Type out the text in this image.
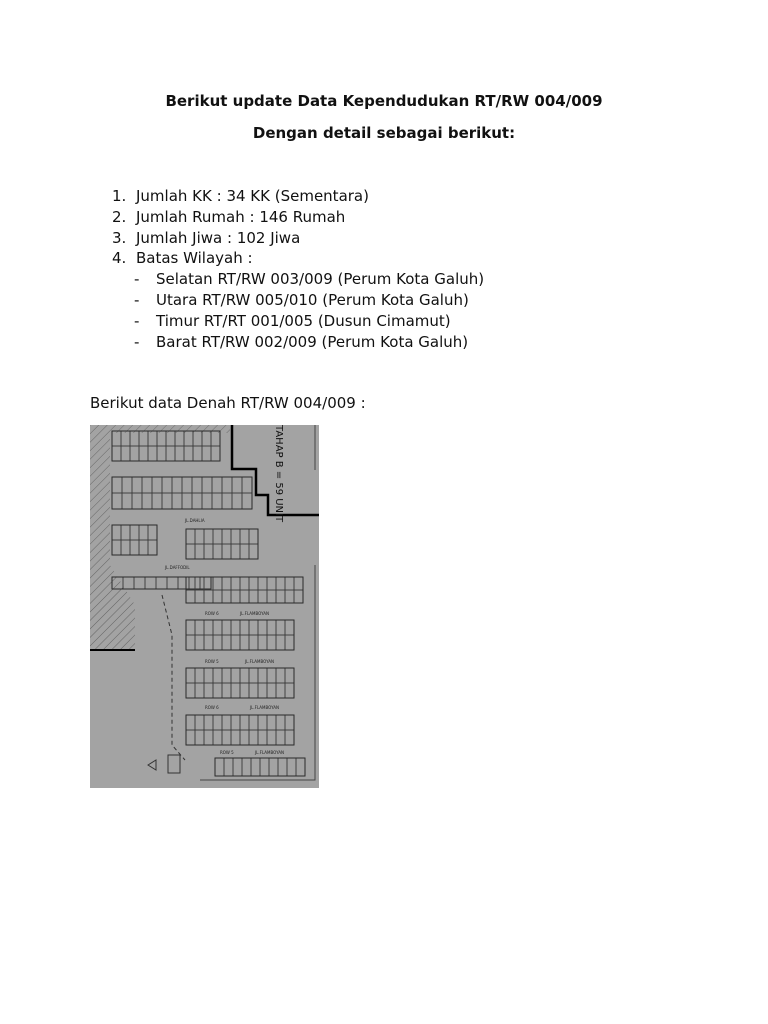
Berikut update Data Kependudukan RT/RW 004/009

Dengan detail sebagai berikut:

1. Jumlah KK : 34 KK (Sementara)
2. Jumlah Rumah : 146 Rumah
3. Jumlah Jiwa : 102 Jiwa
4. Batas Wilayah :
- Selatan RT/RW 003/009 (Perum Kota Galuh)
- Utara RT/RW 005/010 (Perum Kota Galuh)
- Timur RT/RT 001/005 (Dusun Cimamut)
- Barat RT/RW 002/009 (Perum Kota Galuh)

Berikut data Denah RT/RW 004/009 :

TAHAP B = 59 UNIT
JL.DAHLIA
JL.DAFFODIL
ROW 6	JL.FLAMBOYAN
ROW 5	JL.FLAMBOYAN
ROW 6	JL.FLAMBOYAN
ROW 5	JL.FLAMBOYAN
